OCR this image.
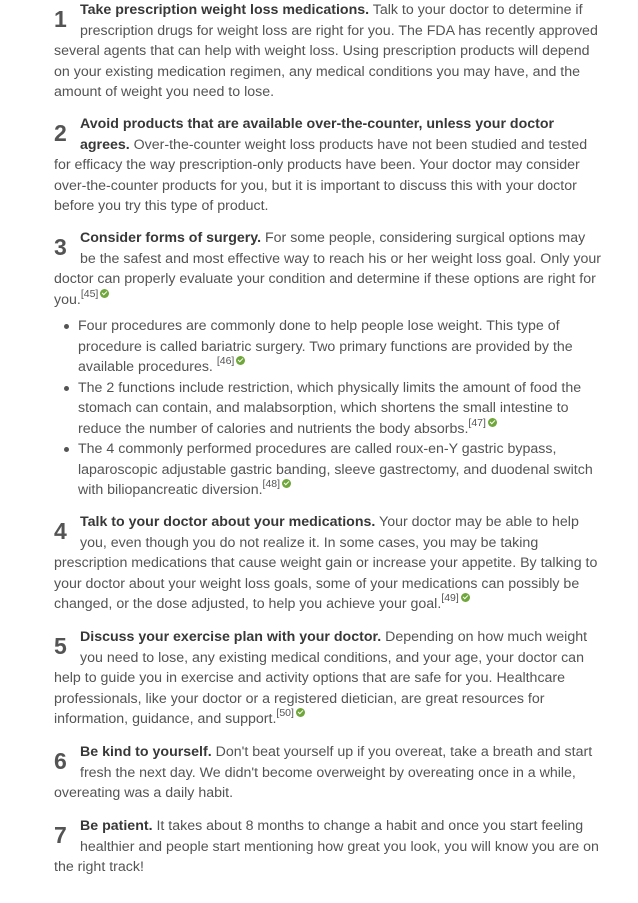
1 Take prescription weight loss medications. Talk to your doctor to determine if prescription drugs for weight loss are right for you. The FDA has recently approved several agents that can help with weight loss. Using prescription products will depend on your existing medication regimen, any medical conditions you may have, and the amount of weight you need to lose.
2 Avoid products that are available over-the-counter, unless your doctor agrees. Over-the-counter weight loss products have not been studied and tested for efficacy the way prescription-only products have been. Your doctor may consider over-the-counter products for you, but it is important to discuss this with your doctor before you try this type of product.
3 Consider forms of surgery. For some people, considering surgical options may be the safest and most effective way to reach his or her weight loss goal. Only your doctor can properly evaluate your condition and determine if these options are right for you.[45]
Four procedures are commonly done to help people lose weight. This type of procedure is called bariatric surgery. Two primary functions are provided by the available procedures. [46]
The 2 functions include restriction, which physically limits the amount of food the stomach can contain, and malabsorption, which shortens the small intestine to reduce the number of calories and nutrients the body absorbs.[47]
The 4 commonly performed procedures are called roux-en-Y gastric bypass, laparoscopic adjustable gastric banding, sleeve gastrectomy, and duodenal switch with biliopancreatic diversion.[48]
4 Talk to your doctor about your medications. Your doctor may be able to help you, even though you do not realize it. In some cases, you may be taking prescription medications that cause weight gain or increase your appetite. By talking to your doctor about your weight loss goals, some of your medications can possibly be changed, or the dose adjusted, to help you achieve your goal.[49]
5 Discuss your exercise plan with your doctor. Depending on how much weight you need to lose, any existing medical conditions, and your age, your doctor can help to guide you in exercise and activity options that are safe for you. Healthcare professionals, like your doctor or a registered dietician, are great resources for information, guidance, and support.[50]
6 Be kind to yourself. Don't beat yourself up if you overeat, take a breath and start fresh the next day. We didn't become overweight by overeating once in a while, overeating was a daily habit.
7 Be patient. It takes about 8 months to change a habit and once you start feeling healthier and people start mentioning how great you look, you will know you are on the right track!
